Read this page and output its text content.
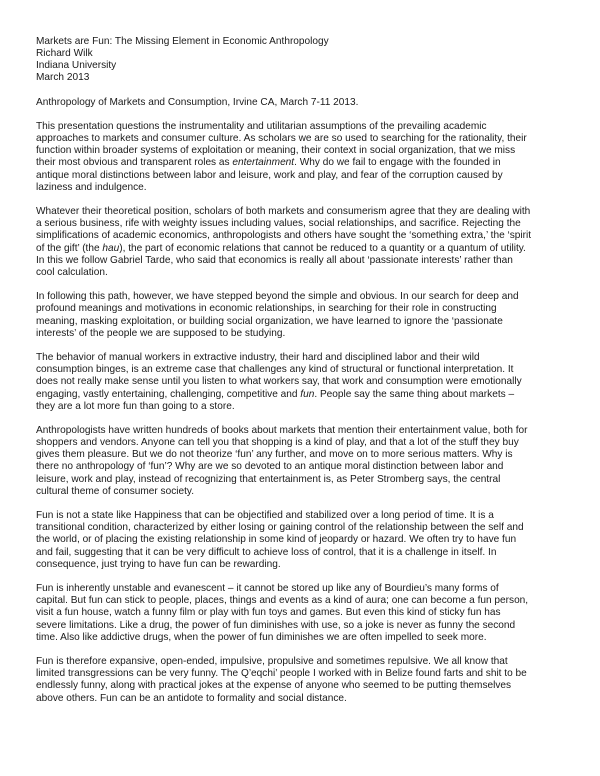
Markets are Fun: The Missing Element in Economic Anthropology
Richard Wilk
Indiana University
March 2013
Anthropology of Markets and Consumption, Irvine CA, March 7-11 2013.

This presentation questions the instrumentality and utilitarian assumptions of the prevailing academic
approaches to markets and consumer culture. As scholars we are so used to searching for the rationality, their
function within broader systems of exploitation or meaning, their context in social organization, that we miss
their most obvious and transparent roles as entertainment. Why do we fail to engage with the founded in
antique moral distinctions between labor and leisure, work and play, and fear of the corruption caused by
laziness and indulgence.

Whatever their theoretical position, scholars of both markets and consumerism agree that they are dealing with
a serious business, rife with weighty issues including values, social relationships, and sacrifice. Rejecting the
simplifications of academic economics, anthropologists and others have sought the ‘something extra,’ the ‘spirit
of the gift’ (the hau), the part of economic relations that cannot be reduced to a quantity or a quantum of utility.
In this we follow Gabriel Tarde, who said that economics is really all about ‘passionate interests’ rather than
cool calculation.

In following this path, however, we have stepped beyond the simple and obvious. In our search for deep and
profound meanings and motivations in economic relationships, in searching for their role in constructing
meaning, masking exploitation, or building social organization, we have learned to ignore the ‘passionate
interests’ of the people we are supposed to be studying.

The behavior of manual workers in extractive industry, their hard and disciplined labor and their wild
consumption binges, is an extreme case that challenges any kind of structural or functional interpretation. It
does not really make sense until you listen to what workers say, that work and consumption were emotionally
engaging, vastly entertaining, challenging, competitive and fun. People say the same thing about markets –
they are a lot more fun than going to a store.

Anthropologists have written hundreds of books about markets that mention their entertainment value, both for
shoppers and vendors. Anyone can tell you that shopping is a kind of play, and that a lot of the stuff they buy
gives them pleasure. But we do not theorize ‘fun’ any further, and move on to more serious matters. Why is
there no anthropology of ‘fun’? Why are we so devoted to an antique moral distinction between labor and
leisure, work and play, instead of recognizing that entertainment is, as Peter Stromberg says, the central
cultural theme of consumer society.

Fun is not a state like Happiness that can be objectified and stabilized over a long period of time. It is a
transitional condition, characterized by either losing or gaining control of the relationship between the self and
the world, or of placing the existing relationship in some kind of jeopardy or hazard. We often try to have fun
and fail, suggesting that it can be very difficult to achieve loss of control, that it is a challenge in itself. In
consequence, just trying to have fun can be rewarding.

Fun is inherently unstable and evanescent – it cannot be stored up like any of Bourdieu’s many forms of
capital. But fun can stick to people, places, things and events as a kind of aura; one can become a fun person,
visit a fun house, watch a funny film or play with fun toys and games. But even this kind of sticky fun has
severe limitations. Like a drug, the power of fun diminishes with use, so a joke is never as funny the second
time. Also like addictive drugs, when the power of fun diminishes we are often impelled to seek more.

Fun is therefore expansive, open-ended, impulsive, propulsive and sometimes repulsive. We all know that
limited transgressions can be very funny. The Q’eqchi’ people I worked with in Belize found farts and shit to be
endlessly funny, along with practical jokes at the expense of anyone who seemed to be putting themselves
above others. Fun can be an antidote to formality and social distance.
